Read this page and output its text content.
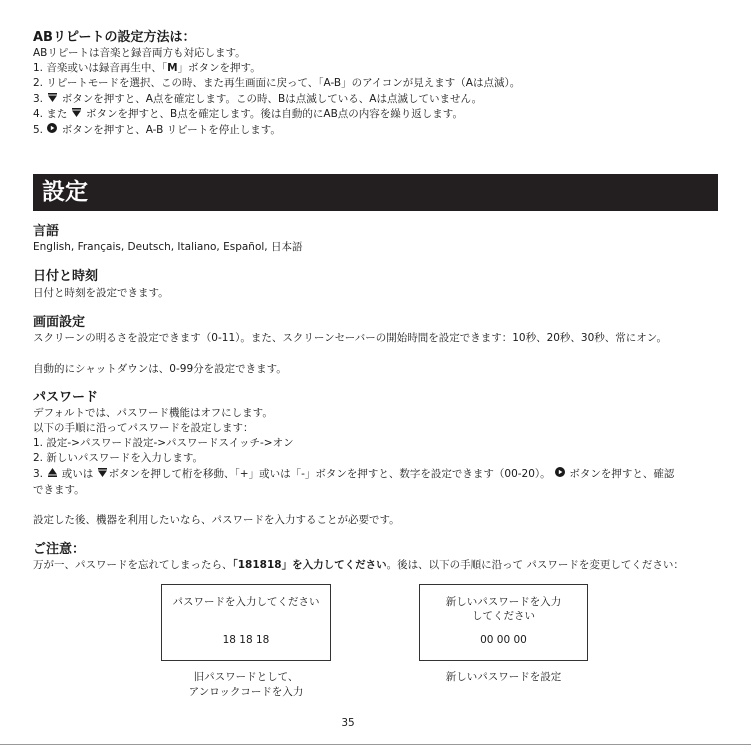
ABリピートの設定方法は：
ABリピートは音楽と録音両方も対応します。
1. 音楽或いは録音再生中、「M」ボタンを押す。
2. リピートモードを選択、この時、また再生画面に戻って、「A-B」のアイコンが見えます（Aは点滅）。
3. ボタンを押すと、A点を確定します。この時、Bは点滅している、Aは点滅していません。
4. また ボタンを押すと、B点を確定します。後は自動的にAB点の内容を繰り返します。
5. ボタンを押すと、A-B リピートを停止します。
設定
言語
English, Français, Deutsch, Italiano, Español, 日本語
日付と時刻
日付と時刻を設定できます。
画面設定
スクリーンの明るさを設定できます（0-11）。また、スクリーンセーバーの開始時間を設定できます：10秒、20秒、30秒、常にオン。
自動的にシャットダウンは、0-99分を設定できます。
パスワード
デフォルトでは、パスワード機能はオフにします。
以下の手順に沿ってパスワードを設定します：
1. 設定->パスワード設定->パスワードスイッチ->オン
2. 新しいパスワードを入力します。
3. 或いは ボタンを押して桁を移動、「+」或いは「-」ボタンを押すと、数字を設定できます（00-20）。 ボタンを押すと、確認
できます。
設定した後、機器を利用したいなら、パスワードを入力することが必要です。
ご注意：
万が一、パスワードを忘れてしまったら、「181818」を入力してください。後は、以下の手順に沿って パスワードを変更してください：
パスワードを入力してください
18 18 18
旧パスワードとして、
アンロックコードを入力
新しいパスワードを入力
してください
00 00 00
新しいパスワードを設定
35
